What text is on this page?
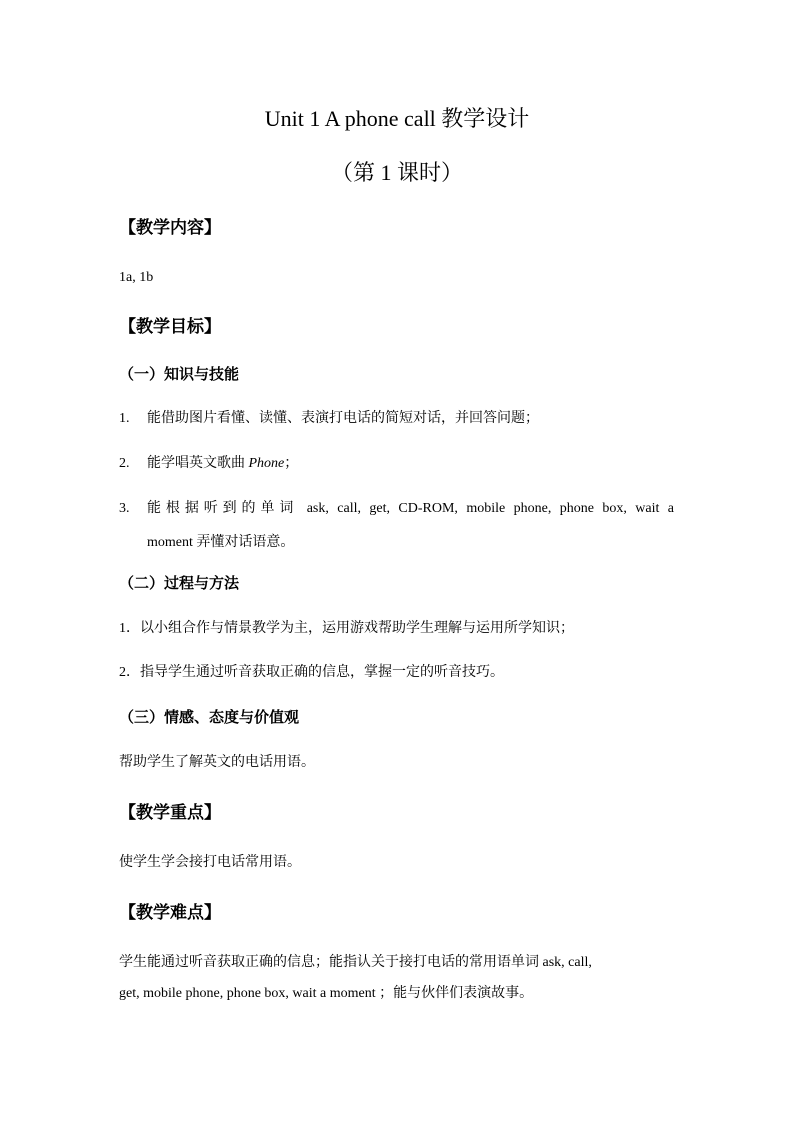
Unit 1 A phone call 教学设计
（第 1 课时）
【教学内容】
1a, 1b
【教学目标】
（一）知识与技能
1. 能借助图片看懂、读懂、表演打电话的简短对话，并回答问题；
2. 能学唱英文歌曲 Phone；
3.	能根据听到的单词 ask, call, get, CD-ROM, mobile phone, phone box, wait a
moment 弄懂对话语意。
（二）过程与方法
1．以小组合作与情景教学为主，运用游戏帮助学生理解与运用所学知识；
2．指导学生通过听音获取正确的信息，掌握一定的听音技巧。
（三）情感、态度与价值观
帮助学生了解英文的电话用语。
【教学重点】
使学生学会接打电话常用语。
【教学难点】
学生能通过听音获取正确的信息；能指认关于接打电话的常用语单词 ask, call,
get, mobile phone, phone box, wait a moment ；能与伙伴们表演故事。
